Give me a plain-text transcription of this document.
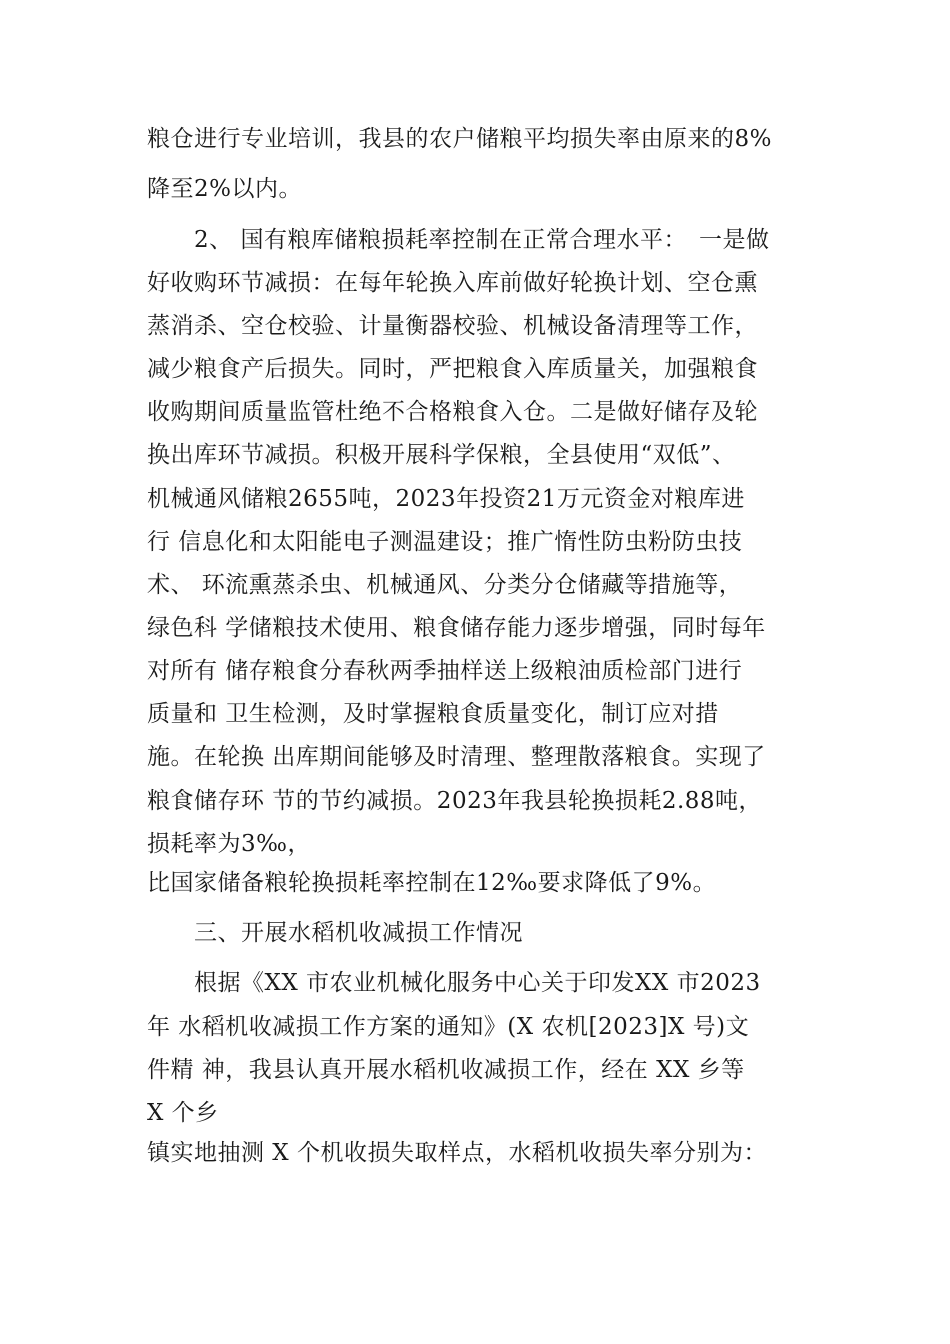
粮仓进行专业培训，我县的农户储粮平均损失率由原来的8%
降至2%以内。
　　2、 国有粮库储粮损耗率控制在正常合理水平：　一是做
好收购环节减损：在每年轮换入库前做好轮换计划、空仓熏
蒸消杀、空仓校验、计量衡器校验、机械设备清理等工作，
减少粮食产后损失。同时，严把粮食入库质量关，加强粮食
收购期间质量监管杜绝不合格粮食入仓。二是做好储存及轮
换出库环节减损。积极开展科学保粮，全县使用“双低”、
机械通风储粮2655吨，2023年投资21万元资金对粮库进
行 信息化和太阳能电子测温建设；推广惰性防虫粉防虫技
术、 环流熏蒸杀虫、机械通风、分类分仓储藏等措施等，
绿色科 学储粮技术使用、粮食储存能力逐步增强，同时每年
对所有 储存粮食分春秋两季抽样送上级粮油质检部门进行
质量和 卫生检测，及时掌握粮食质量变化，制订应对措
施。在轮换 出库期间能够及时清理、整理散落粮食。实现了
粮食储存环 节的节约减损。2023年我县轮换损耗2.88吨，
损耗率为3‰，
比国家储备粮轮换损耗率控制在12‰要求降低了9%。
　　三、开展水稻机收减损工作情况
　　根据《XX 市农业机械化服务中心关于印发XX 市2023
年 水稻机收减损工作方案的通知》(X 农机[2023]X 号)文
件精 神，我县认真开展水稻机收减损工作，经在 XX 乡等
X 个乡
镇实地抽测 X 个机收损失取样点，水稻机收损失率分别为：
